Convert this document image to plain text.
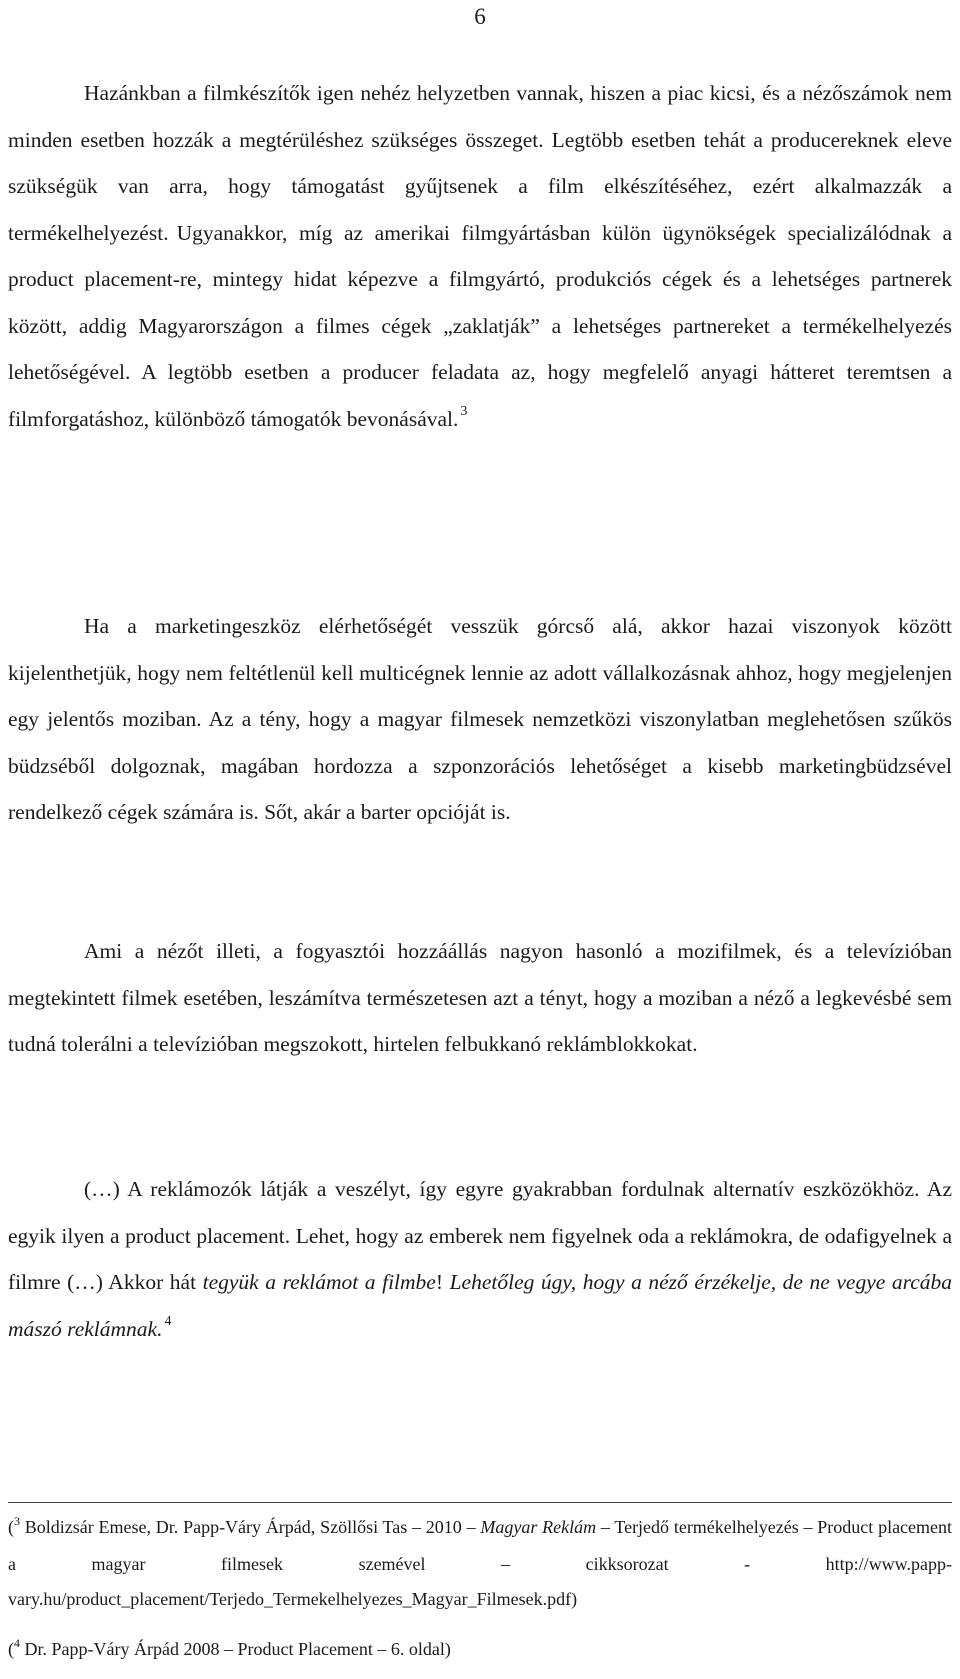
6

Hazánkban a filmkészítők igen nehéz helyzetben vannak, hiszen a piac kicsi, és a nézőszámok nem minden esetben hozzák a megtérüléshez szükséges összeget. Legtöbb esetben tehát a producereknek eleve szükségük van arra, hogy támogatást gyűjtsenek a film elkészítéséhez, ezért alkalmazzák a termékelhelyezést. Ugyanakkor, míg az amerikai filmgyártásban külön ügynökségek specializálódnak a product placement-re, mintegy hidat képezve a filmgyártó, produkciós cégek és a lehetséges partnerek között, addig Magyarországon a filmes cégek „zaklatják” a lehetséges partnereket a termékelhelyezés lehetőségével. A legtöbb esetben a producer feladata az, hogy megfelelő anyagi hátteret teremtsen a filmforgatáshoz, különböző támogatók bevonásával. $^3$

Ha a marketingeszköz elérhetőségét vesszük górcső alá, akkor hazai viszonyok között kijelenthetjük, hogy nem feltétlenül kell multicégnek lennie az adott vállalkozásnak ahhoz, hogy megjelenjen egy jelentős moziban. Az a tény, hogy a magyar filmesek nemzetközi viszonylatban meglehetősen szűkös büdzséből dolgoznak, magában hordozza a szponzorációs lehetőséget a kisebb marketingbüdzsével rendelkező cégek számára is. Sőt, akár a barter opcióját is.

Ami a nézőt illeti, a fogyasztói hozzáállás nagyon hasonló a mozifilmek, és a televízióban megtekintett filmek esetében, leszámítva természetesen azt a tényt, hogy a moziban a néző a legkevésbé sem tudná tolerálni a televízióban megszokott, hirtelen felbukkanó reklámblokkokat.

(…) A reklámozók látják a veszélyt, így egyre gyakrabban fordulnak alternatív eszközökhöz. Az egyik ilyen a product placement. Lehet, hogy az emberek nem figyelnek oda a reklámokra, de odafigyelnek a filmre (…) Akkor hát tegyük a reklámot a filmbe! Lehetőleg úgy, hogy a néző érzékelje, de ne vegye arcába mászó reklámnak. $^4$

($^3$ Boldizsár Emese, Dr. Papp-Váry Árpád, Szöllősi Tas – 2010 – Magyar Reklám – Terjedő termékelhelyezés – Product placement a magyar filmesek szemével – cikksorozat - http://www.papp-vary.hu/product_placement/Terjedo_Termekelhelyezes_Magyar_Filmesek.pdf)

($^4$ Dr. Papp-Váry Árpád 2008 – Product Placement – 6. oldal)
